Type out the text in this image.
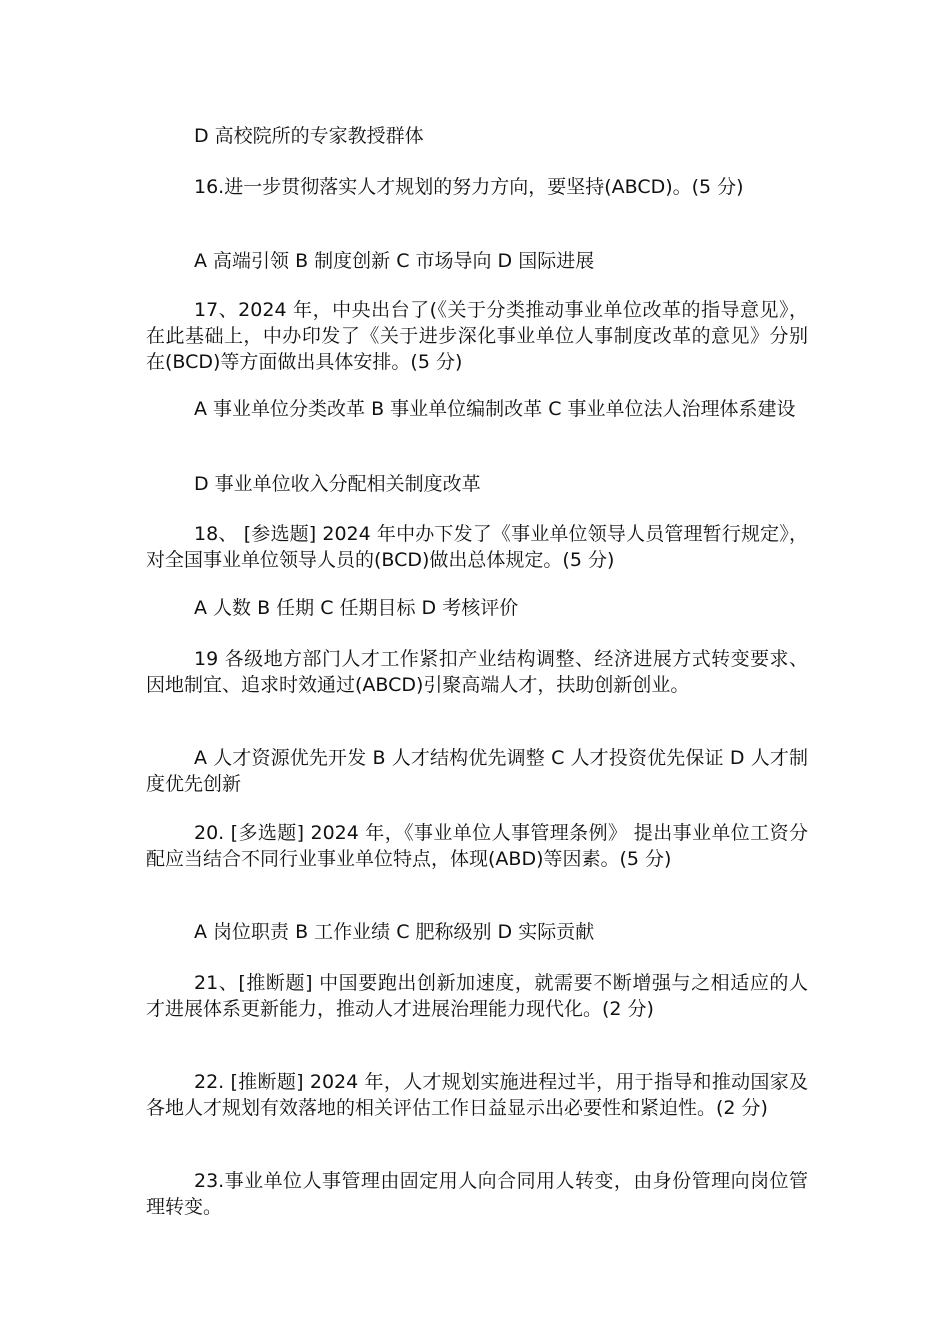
D 高校院所的专家教授群体

16.进一步贯彻落实人才规划的努力方向，要坚持(ABCD)。(5 分)

A 高端引领 B 制度创新 C 市场导向 D 国际进展

17、2024 年，中央出台了(《关于分类推动事业单位改革的指导意见》，在此基础上，中办印发了《关于进步深化事业单位人事制度改革的意见》分别在(BCD)等方面做出具体安排。(5 分)

A 事业单位分类改革 B 事业单位编制改革 C 事业单位法人治理体系建设

D 事业单位收入分配相关制度改革

18、 [参选题] 2024 年中办下发了《事业单位领导人员管理暂行规定》，对全国事业单位领导人员的(BCD)做出总体规定。(5 分)

A 人数 B 任期 C 任期目标 D 考核评价

19 各级地方部门人才工作紧扣产业结构调整、经济进展方式转变要求、因地制宜、追求时效通过(ABCD)引聚高端人才，扶助创新创业。

A 人才资源优先开发 B 人才结构优先调整 C 人才投资优先保证 D 人才制度优先创新

20. [多选题] 2024 年，《事业单位人事管理条例》 提出事业单位工资分配应当结合不同行业事业单位特点，体现(ABD)等因素。(5 分)

A 岗位职责 B 工作业绩 C 肥称级别 D 实际贡献

21、[推断题] 中国要跑出创新加速度，就需要不断增强与之相适应的人才进展体系更新能力，推动人才进展治理能力现代化。(2 分)

22. [推断题] 2024 年，人才规划实施进程过半，用于指导和推动国家及各地人才规划有效落地的相关评估工作日益显示出必要性和紧迫性。(2 分)

23.事业单位人事管理由固定用人向合同用人转变，由身份管理向岗位管理转变。
